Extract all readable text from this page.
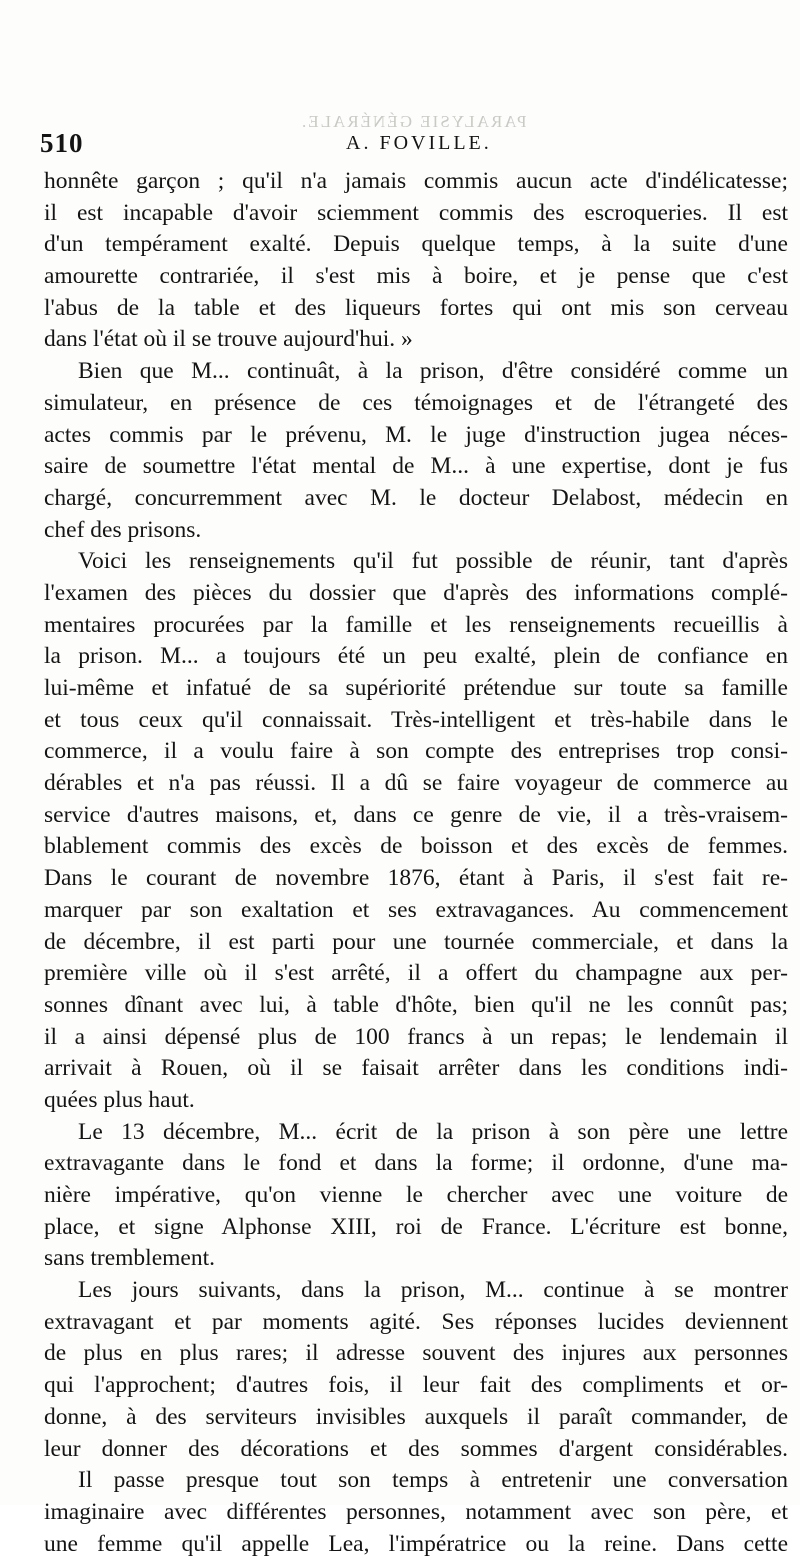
PARALYSIE GÉNÉRALE.
510	A. FOVILLE.
honnête garçon ; qu'il n'a jamais commis aucun acte d'indélicatesse;
il est incapable d'avoir sciemment commis des escroqueries. Il est
d'un tempérament exalté. Depuis quelque temps, à la suite d'une
amourette contrariée, il s'est mis à boire, et je pense que c'est
l'abus de la table et des liqueurs fortes qui ont mis son cerveau
dans l'état où il se trouve aujourd'hui. »
Bien que M... continuât, à la prison, d'être considéré comme un
simulateur, en présence de ces témoignages et de l'étrangeté des
actes commis par le prévenu, M. le juge d'instruction jugea néces-
saire de soumettre l'état mental de M... à une expertise, dont je fus
chargé, concurremment avec M. le docteur Delabost, médecin en
chef des prisons.
Voici les renseignements qu'il fut possible de réunir, tant d'après
l'examen des pièces du dossier que d'après des informations complé-
mentaires procurées par la famille et les renseignements recueillis à
la prison. M... a toujours été un peu exalté, plein de confiance en
lui-même et infatué de sa supériorité prétendue sur toute sa famille
et tous ceux qu'il connaissait. Très-intelligent et très-habile dans le
commerce, il a voulu faire à son compte des entreprises trop consi-
dérables et n'a pas réussi. Il a dû se faire voyageur de commerce au
service d'autres maisons, et, dans ce genre de vie, il a très-vraisem-
blablement commis des excès de boisson et des excès de femmes.
Dans le courant de novembre 1876, étant à Paris, il s'est fait re-
marquer par son exaltation et ses extravagances. Au commencement
de décembre, il est parti pour une tournée commerciale, et dans la
première ville où il s'est arrêté, il a offert du champagne aux per-
sonnes dînant avec lui, à table d'hôte, bien qu'il ne les connût pas;
il a ainsi dépensé plus de 100 francs à un repas; le lendemain il
arrivait à Rouen, où il se faisait arrêter dans les conditions indi-
quées plus haut.
Le 13 décembre, M... écrit de la prison à son père une lettre
extravagante dans le fond et dans la forme; il ordonne, d'une ma-
nière impérative, qu'on vienne le chercher avec une voiture de
place, et signe Alphonse XIII, roi de France. L'écriture est bonne,
sans tremblement.
Les jours suivants, dans la prison, M... continue à se montrer
extravagant et par moments agité. Ses réponses lucides deviennent
de plus en plus rares; il adresse souvent des injures aux personnes
qui l'approchent; d'autres fois, il leur fait des compliments et or-
donne, à des serviteurs invisibles auxquels il paraît commander, de
leur donner des décorations et des sommes d'argent considérables.
Il passe presque tout son temps à entretenir une conversation
imaginaire avec différentes personnes, notamment avec son père, et
une femme qu'il appelle Lea, l'impératrice ou la reine. Dans cette
